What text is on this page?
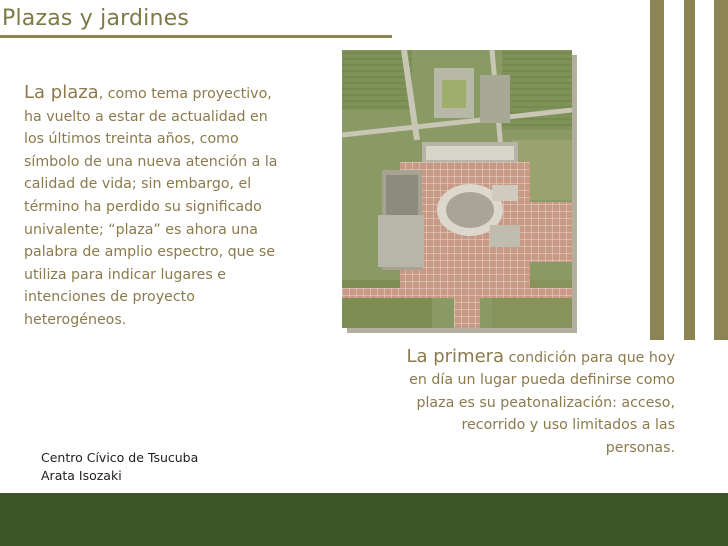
Plazas y jardines
La plaza, como tema proyectivo, ha vuelto a estar de actualidad en los últimos treinta años, como símbolo de una nueva atención a la calidad de vida; sin embargo, el término ha perdido su significado univalente; “plaza” es ahora una palabra de amplio espectro, que se utiliza para indicar lugares e intenciones de proyecto heterogéneos.
La primera condición para que hoy en día un lugar pueda definirse como plaza es su peatonalización: acceso, recorrido y uso limitados a las personas.
Centro Cívico de Tsucuba
Arata Isozaki
